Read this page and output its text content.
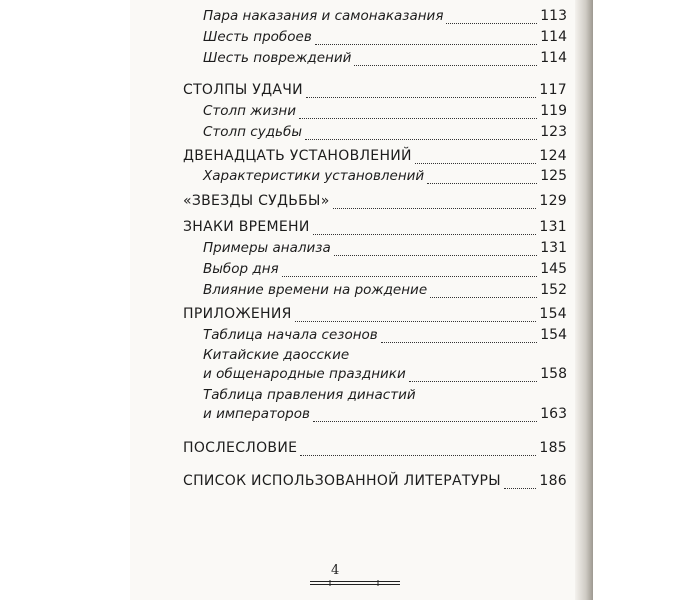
Пара наказания и самонаказания	113
Шесть пробоев	114
Шесть повреждений	114
СТОЛПЫ УДАЧИ	117
Столп жизни	119
Столп судьбы	123
ДВЕНАДЦАТЬ УСТАНОВЛЕНИЙ	124
Характеристики установлений	125
«ЗВЕЗДЫ СУДЬБЫ»	129
ЗНАКИ ВРЕМЕНИ	131
Примеры анализа	131
Выбор дня	145
Влияние времени на рождение	152
ПРИЛОЖЕНИЯ	154
Таблица начала сезонов	154
Китайские даосские
и общенародные праздники	158
Таблица правления династий
и императоров	163
ПОСЛЕСЛОВИЕ	185
СПИСОК ИСПОЛЬЗОВАННОЙ ЛИТЕРАТУРЫ	186
4
